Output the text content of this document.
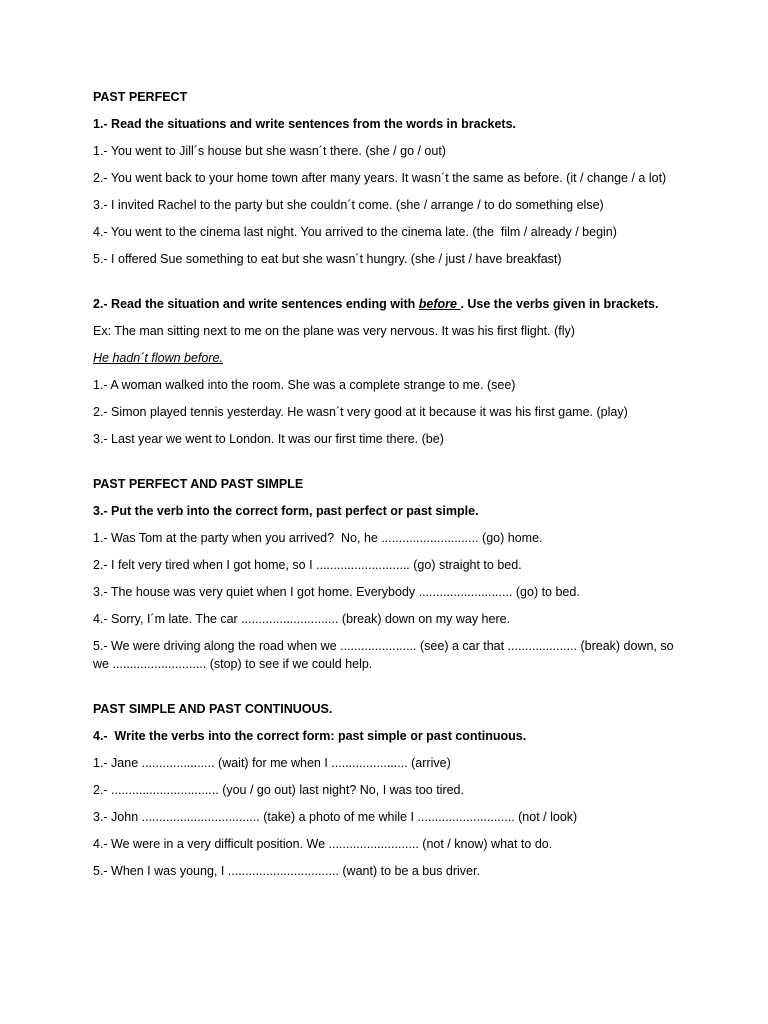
PAST PERFECT

1.- Read the situations and write sentences from the words in brackets.

1.- You went to Jill´s house but she wasn´t there. (she / go / out)

2.- You went back to your home town after many years. It wasn´t the same as before. (it / change / a lot)

3.- I invited Rachel to the party but she couldn´t come. (she / arrange / to do something else)

4.- You went to the cinema last night. You arrived to the cinema late. (the  film / already / begin)

5.- I offered Sue something to eat but she wasn´t hungry. (she / just / have breakfast)

2.- Read the situation and write sentences ending with before . Use the verbs given in brackets.

Ex: The man sitting next to me on the plane was very nervous. It was his first flight. (fly)

He hadn´t flown before.

1.- A woman walked into the room. She was a complete strange to me. (see)

2.- Simon played tennis yesterday. He wasn´t very good at it because it was his first game. (play)

3.- Last year we went to London. It was our first time there. (be)

PAST PERFECT AND PAST SIMPLE

3.- Put the verb into the correct form, past perfect or past simple.

1.- Was Tom at the party when you arrived?  No, he ............................ (go) home.

2.- I felt very tired when I got home, so I ........................... (go) straight to bed.

3.- The house was very quiet when I got home. Everybody ........................... (go) to bed.

4.- Sorry, I´m late. The car ............................ (break) down on my way here.

5.- We were driving along the road when we ...................... (see) a car that .................... (break) down, so we ........................... (stop) to see if we could help.

PAST SIMPLE AND PAST CONTINUOUS.

4.-  Write the verbs into the correct form: past simple or past continuous.

1.- Jane ..................... (wait) for me when I ...................... (arrive)

2.- ............................... (you / go out) last night? No, I was too tired.

3.- John .................................. (take) a photo of me while I ............................ (not / look)

4.- We were in a very difficult position. We .......................... (not / know) what to do.

5.- When I was young, I ................................ (want) to be a bus driver.
